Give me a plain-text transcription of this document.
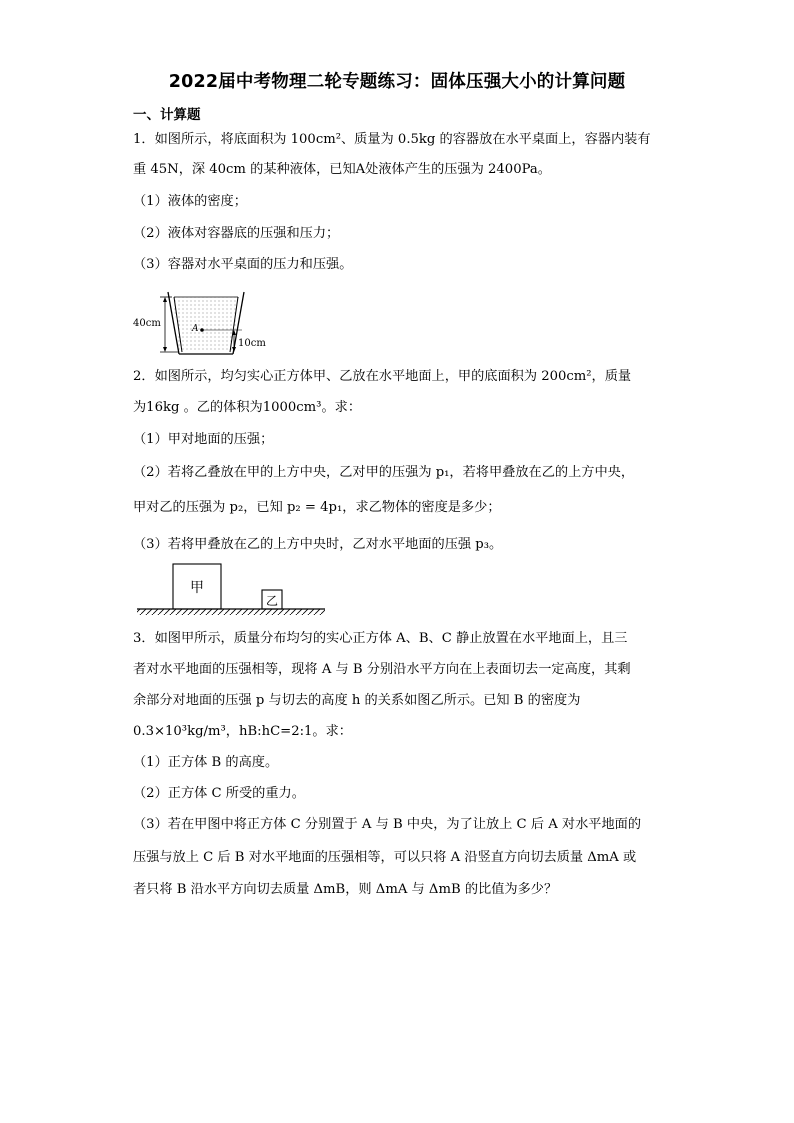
2022届中考物理二轮专题练习：固体压强大小的计算问题
一、计算题
1．如图所示，将底面积为 100cm²、质量为 0.5kg 的容器放在水平桌面上，容器内装有
重 45N，深 40cm 的某种液体，已知A处液体产生的压强为 2400Pa。
（1）液体的密度；
（2）液体对容器底的压强和压力；
（3）容器对水平桌面的压力和压强。
40cm	A
10cm
2．如图所示，均匀实心正方体甲、乙放在水平地面上，甲的底面积为 200cm²，质量
为16kg 。乙的体积为1000cm³。求：
（1）甲对地面的压强；
（2）若将乙叠放在甲的上方中央，乙对甲的压强为 p₁，若将甲叠放在乙的上方中央，
甲对乙的压强为 p₂，已知 p₂ = 4p₁，求乙物体的密度是多少；
（3）若将甲叠放在乙的上方中央时，乙对水平地面的压强 p₃。
甲
乙
3．如图甲所示，质量分布均匀的实心正方体 A、B、C 静止放置在水平地面上，且三
者对水平地面的压强相等，现将 A 与 B 分别沿水平方向在上表面切去一定高度，其剩
余部分对地面的压强 p 与切去的高度 h 的关系如图乙所示。已知 B 的密度为
0.3×10³kg/m³，hB:hC=2:1。求：
（1）正方体 B 的高度。
（2）正方体 C 所受的重力。
（3）若在甲图中将正方体 C 分别置于 A 与 B 中央，为了让放上 C 后 A 对水平地面的
压强与放上 C 后 B 对水平地面的压强相等，可以只将 A 沿竖直方向切去质量 ΔmA 或
者只将 B 沿水平方向切去质量 ΔmB，则 ΔmA 与 ΔmB 的比值为多少？
